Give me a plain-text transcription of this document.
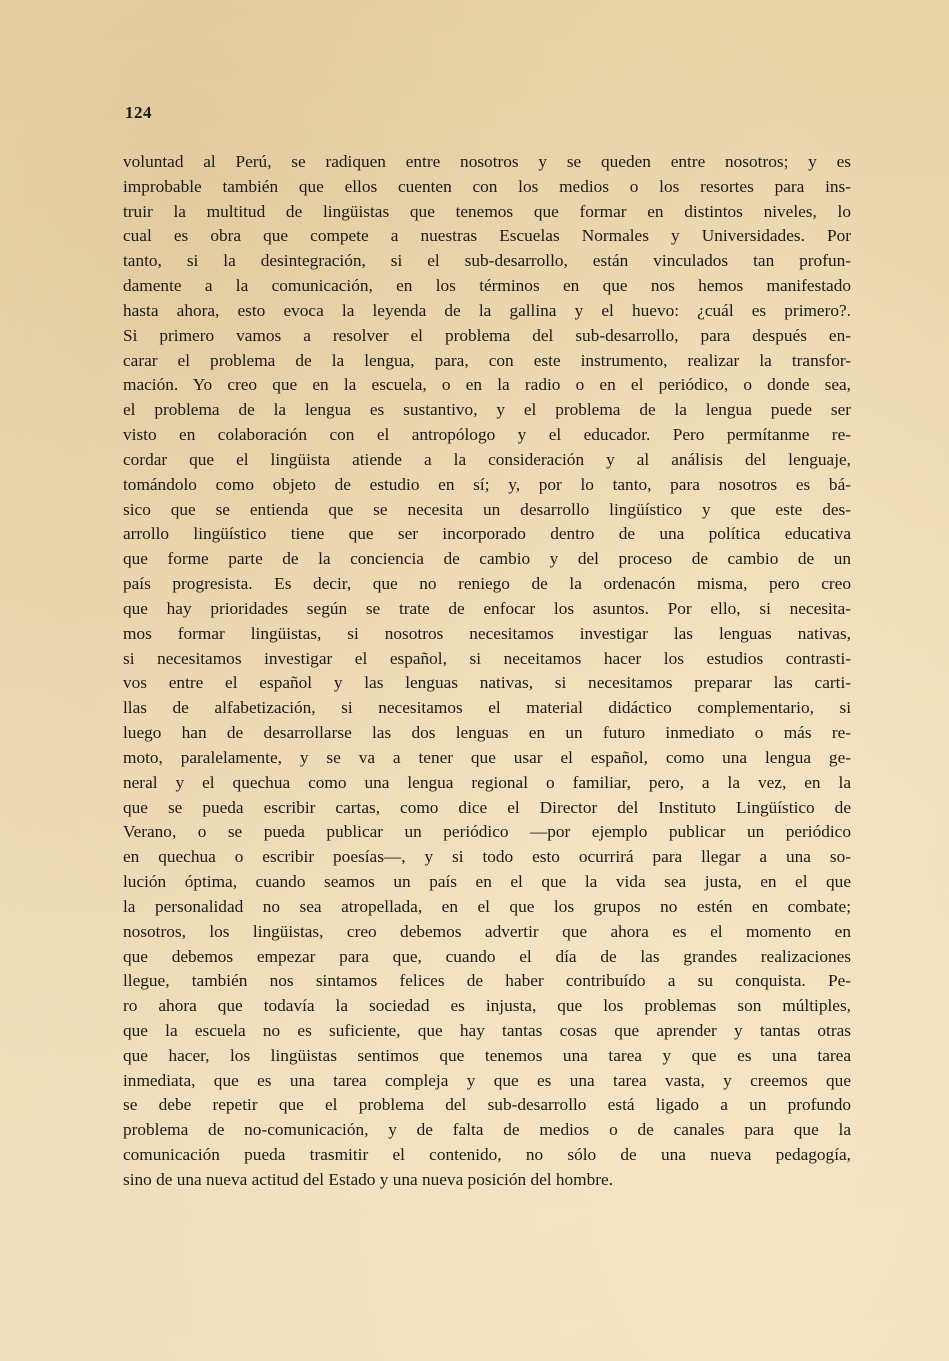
124
voluntad al Perú, se radiquen entre nosotros y se queden entre nosotros; y es
improbable también que ellos cuenten con los medios o los resortes para ins-
truir la multitud de lingüistas que tenemos que formar en distintos niveles, lo
cual es obra que compete a nuestras Escuelas Normales y Universidades. Por
tanto, si la desintegración, si el sub-desarrollo, están vinculados tan profun-
damente a la comunicación, en los términos en que nos hemos manifestado
hasta ahora, esto evoca la leyenda de la gallina y el huevo: ¿cuál es primero?.
Si primero vamos a resolver el problema del sub-desarrollo, para después en-
carar el problema de la lengua, para, con este instrumento, realizar la transfor-
mación. Yo creo que en la escuela, o en la radio o en el periódico, o donde sea,
el problema de la lengua es sustantivo, y el problema de la lengua puede ser
visto en colaboración con el antropólogo y el educador. Pero permítanme re-
cordar que el lingüista atiende a la consideración y al análisis del lenguaje,
tomándolo como objeto de estudio en sí; y, por lo tanto, para nosotros es bá-
sico que se entienda que se necesita un desarrollo lingüístico y que este des-
arrollo lingüístico tiene que ser incorporado dentro de una política educativa
que forme parte de la conciencia de cambio y del proceso de cambio de un
país progresista. Es decir, que no reniego de la ordenacón misma, pero creo
que hay prioridades según se trate de enfocar los asuntos. Por ello, si necesita-
mos formar lingüistas, si nosotros necesitamos investigar las lenguas nativas,
si necesitamos investigar el español, si neceitamos hacer los estudios contrasti-
vos entre el español y las lenguas nativas, si necesitamos preparar las carti-
llas de alfabetización, si necesitamos el material didáctico complementario, si
luego han de desarrollarse las dos lenguas en un futuro inmediato o más re-
moto, paralelamente, y se va a tener que usar el español, como una lengua ge-
neral y el quechua como una lengua regional o familiar, pero, a la vez, en la
que se pueda escribir cartas, como dice el Director del Instituto Lingüístico de
Verano, o se pueda publicar un periódico —por ejemplo publicar un periódico
en quechua o escribir poesías—, y si todo esto ocurrirá para llegar a una so-
lución óptima, cuando seamos un país en el que la vida sea justa, en el que
la personalidad no sea atropellada, en el que los grupos no estén en combate;
nosotros, los lingüistas, creo debemos advertir que ahora es el momento en
que debemos empezar para que, cuando el día de las grandes realizaciones
llegue, también nos sintamos felices de haber contribuído a su conquista. Pe-
ro ahora que todavía la sociedad es injusta, que los problemas son múltiples,
que la escuela no es suficiente, que hay tantas cosas que aprender y tantas otras
que hacer, los lingüistas sentimos que tenemos una tarea y que es una tarea
inmediata, que es una tarea compleja y que es una tarea vasta, y creemos que
se debe repetir que el problema del sub-desarrollo está ligado a un profundo
problema de no-comunicación, y de falta de medios o de canales para que la
comunicación pueda trasmitir el contenido, no sólo de una nueva pedagogía,
sino de una nueva actitud del Estado y una nueva posición del hombre.
